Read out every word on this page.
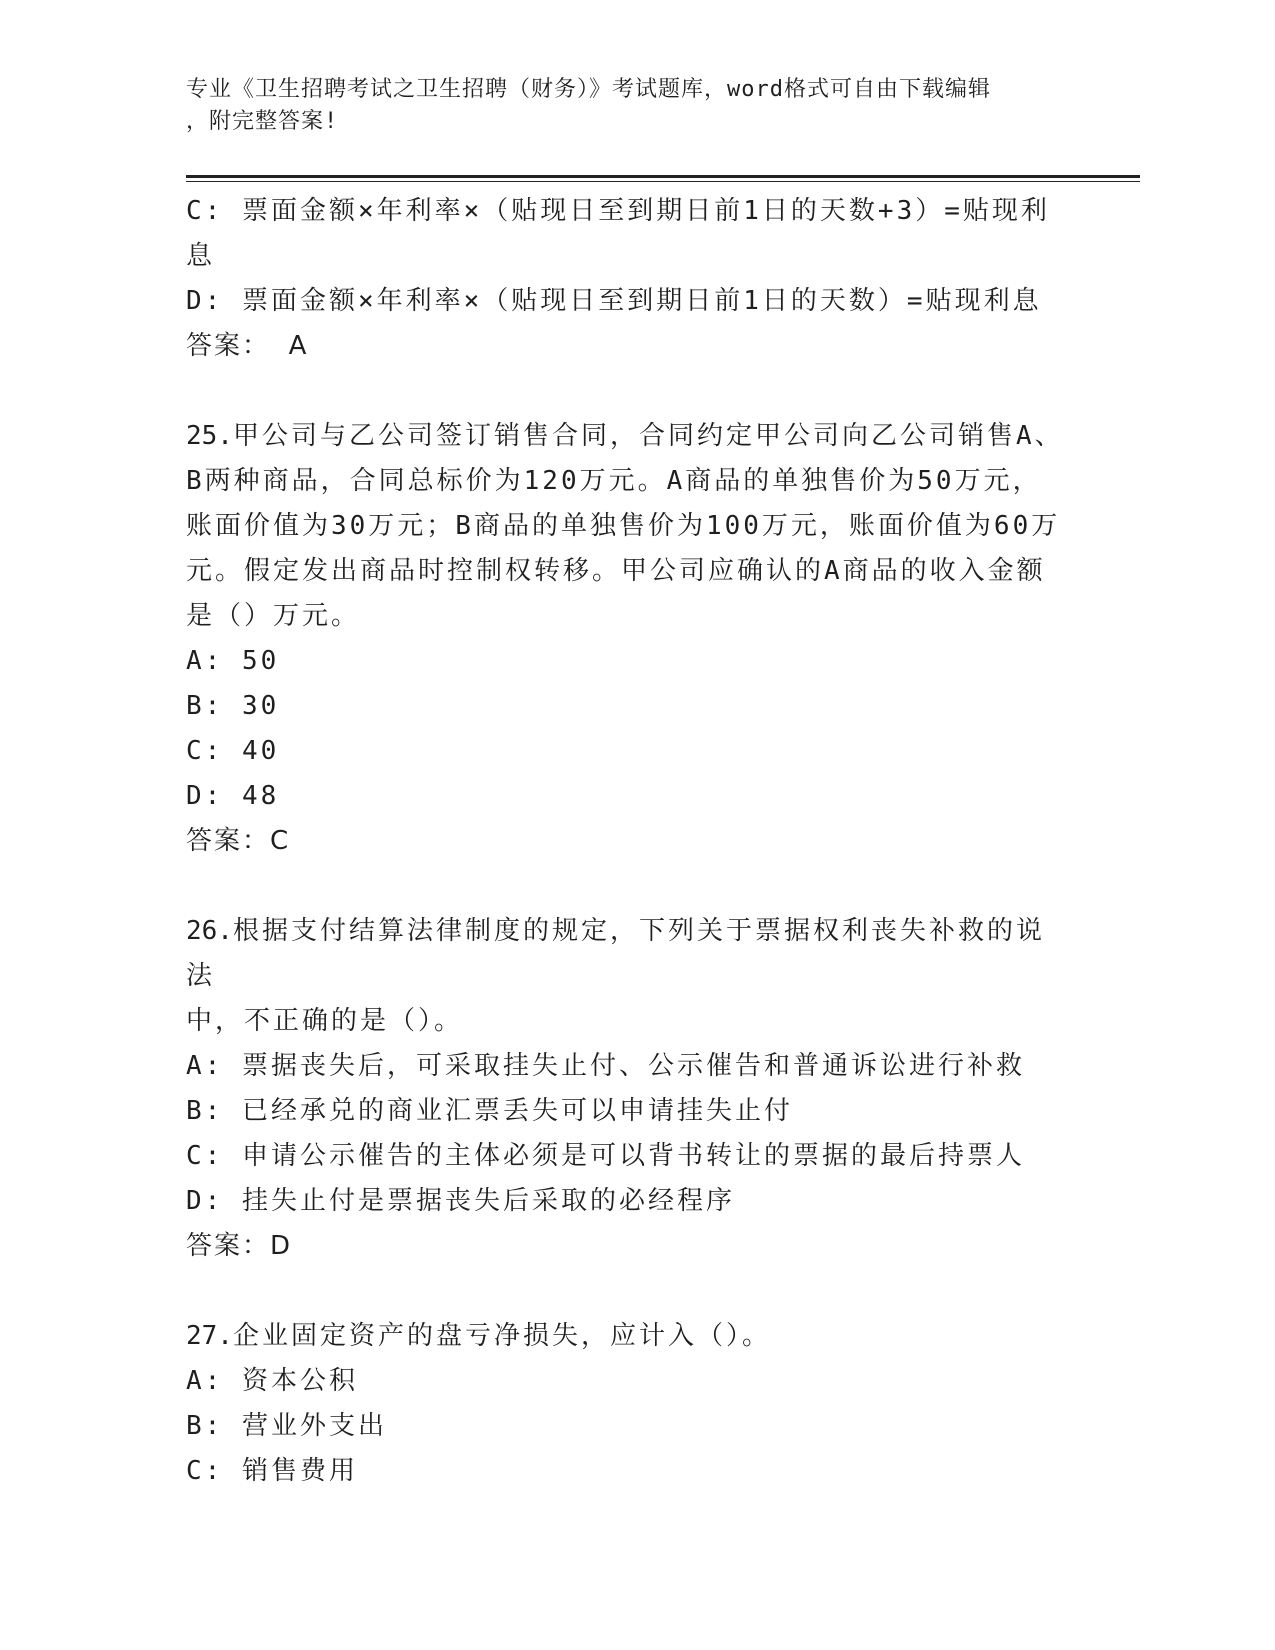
专业《卫生招聘考试之卫生招聘（财务）》考试题库，word格式可自由下载编辑
，附完整答案!
C: 票面金额×年利率×（贴现日至到期日前1日的天数+3）=贴现利
息
D: 票面金额×年利率×（贴现日至到期日前1日的天数）=贴现利息
答案： A
25.甲公司与乙公司签订销售合同，合同约定甲公司向乙公司销售A、
B两种商品，合同总标价为120万元。A商品的单独售价为50万元，
账面价值为30万元；B商品的单独售价为100万元，账面价值为60万
元。假定发出商品时控制权转移。甲公司应确认的A商品的收入金额
是（）万元。
A: 50
B: 30
C: 40
D: 48
答案：C
26.根据支付结算法律制度的规定，下列关于票据权利丧失补救的说法
中，不正确的是（）。
A: 票据丧失后，可采取挂失止付、公示催告和普通诉讼进行补救
B: 已经承兑的商业汇票丢失可以申请挂失止付
C: 申请公示催告的主体必须是可以背书转让的票据的最后持票人
D: 挂失止付是票据丧失后采取的必经程序
答案：D
27.企业固定资产的盘亏净损失，应计入（）。
A: 资本公积
B: 营业外支出
C: 销售费用
